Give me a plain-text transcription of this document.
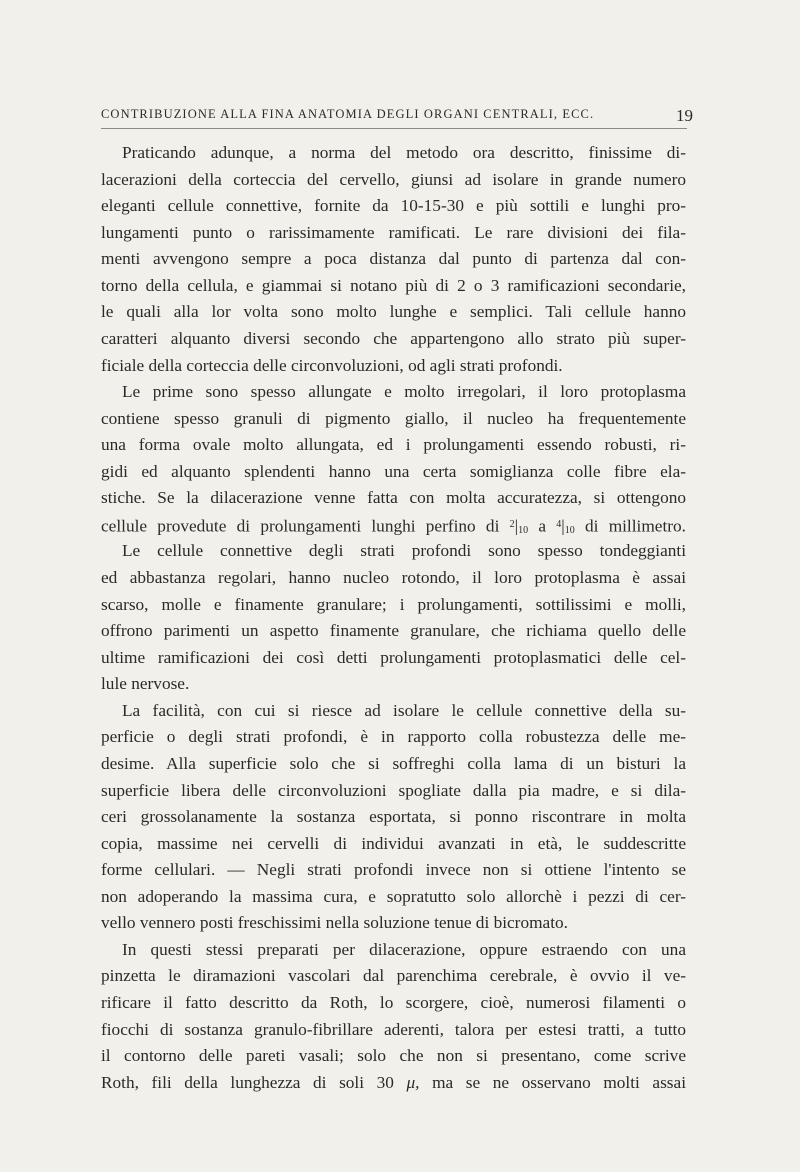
CONTRIBUZIONE ALLA FINA ANATOMIA DEGLI ORGANI CENTRALI, ECC.	19
Praticando adunque, a norma del metodo ora descritto, finissime di-
lacerazioni della corteccia del cervello, giunsi ad isolare in grande numero
eleganti cellule connettive, fornite da 10-15-30 e più sottili e lunghi pro-
lungamenti punto o rarissimamente ramificati. Le rare divisioni dei fila-
menti avvengono sempre a poca distanza dal punto di partenza dal con-
torno della cellula, e giammai si notano più di 2 o 3 ramificazioni secondarie,
le quali alla lor volta sono molto lunghe e semplici. Tali cellule hanno
caratteri alquanto diversi secondo che appartengono allo strato più super-
ficiale della corteccia delle circonvoluzioni, od agli strati profondi.
Le prime sono spesso allungate e molto irregolari, il loro protoplasma
contiene spesso granuli di pigmento giallo, il nucleo ha frequentemente
una forma ovale molto allungata, ed i prolungamenti essendo robusti, ri-
gidi ed alquanto splendenti hanno una certa somiglianza colle fibre ela-
stiche. Se la dilacerazione venne fatta con molta accuratezza, si ottengono
cellule provedute di prolungamenti lunghi perfino di $^2$|10 a $^4$|10 di millimetro.
Le cellule connettive degli strati profondi sono spesso tondeggianti
ed abbastanza regolari, hanno nucleo rotondo, il loro protoplasma è assai
scarso, molle e finamente granulare; i prolungamenti, sottilissimi e molli,
offrono parimenti un aspetto finamente granulare, che richiama quello delle
ultime ramificazioni dei così detti prolungamenti protoplasmatici delle cel-
lule nervose.
La facilità, con cui si riesce ad isolare le cellule connettive della su-
perficie o degli strati profondi, è in rapporto colla robustezza delle me-
desime. Alla superficie solo che si soffreghi colla lama di un bisturi la
superficie libera delle circonvoluzioni spogliate dalla pia madre, e si dila-
ceri grossolanamente la sostanza esportata, si ponno riscontrare in molta
copia, massime nei cervelli di individui avanzati in età, le suddescritte
forme cellulari. — Negli strati profondi invece non si ottiene l'intento se
non adoperando la massima cura, e sopratutto solo allorchè i pezzi di cer-
vello vennero posti freschissimi nella soluzione tenue di bicromato.
In questi stessi preparati per dilacerazione, oppure estraendo con una
pinzetta le diramazioni vascolari dal parenchima cerebrale, è ovvio il ve-
rificare il fatto descritto da Roth, lo scorgere, cioè, numerosi filamenti o
fiocchi di sostanza granulo-fibrillare aderenti, talora per estesi tratti, a tutto
il contorno delle pareti vasali; solo che non si presentano, come scrive
Roth, fili della lunghezza di soli 30 μ, ma se ne osservano molti assai
